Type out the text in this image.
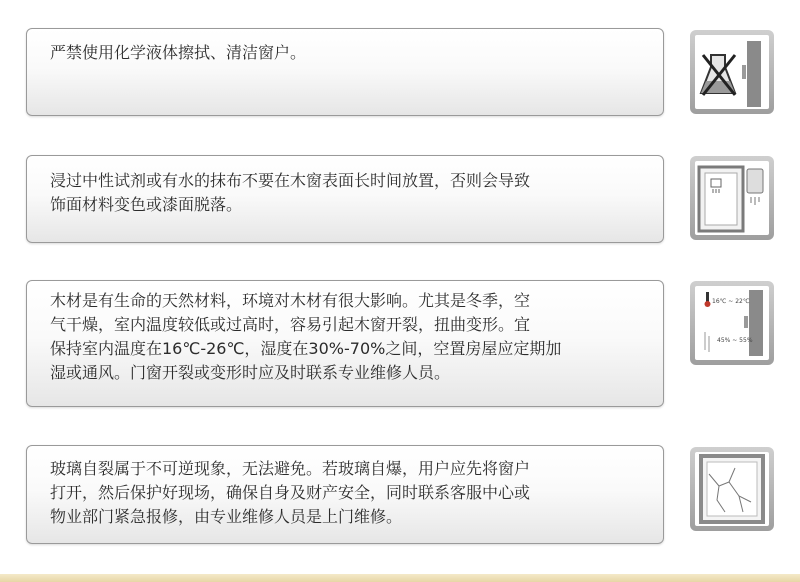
严禁使用化学液体擦拭、清洁窗户。

浸过中性试剂或有水的抹布不要在木窗表面长时间放置，否则会导致
饰面材料变色或漆面脱落。

木材是有生命的天然材料，环境对木材有很大影响。尤其是冬季，空
气干燥，室内温度较低或过高时，容易引起木窗开裂，扭曲变形。宜
保持室内温度在16℃-26℃，湿度在30%-70%之间，空置房屋应定期加
湿或通风。门窗开裂或变形时应及时联系专业维修人员。

16℃ ~ 22℃
45% ~ 55%

玻璃自裂属于不可逆现象，无法避免。若玻璃自爆，用户应先将窗户
打开，然后保护好现场，确保自身及财产安全，同时联系客服中心或
物业部门紧急报修，由专业维修人员是上门维修。
